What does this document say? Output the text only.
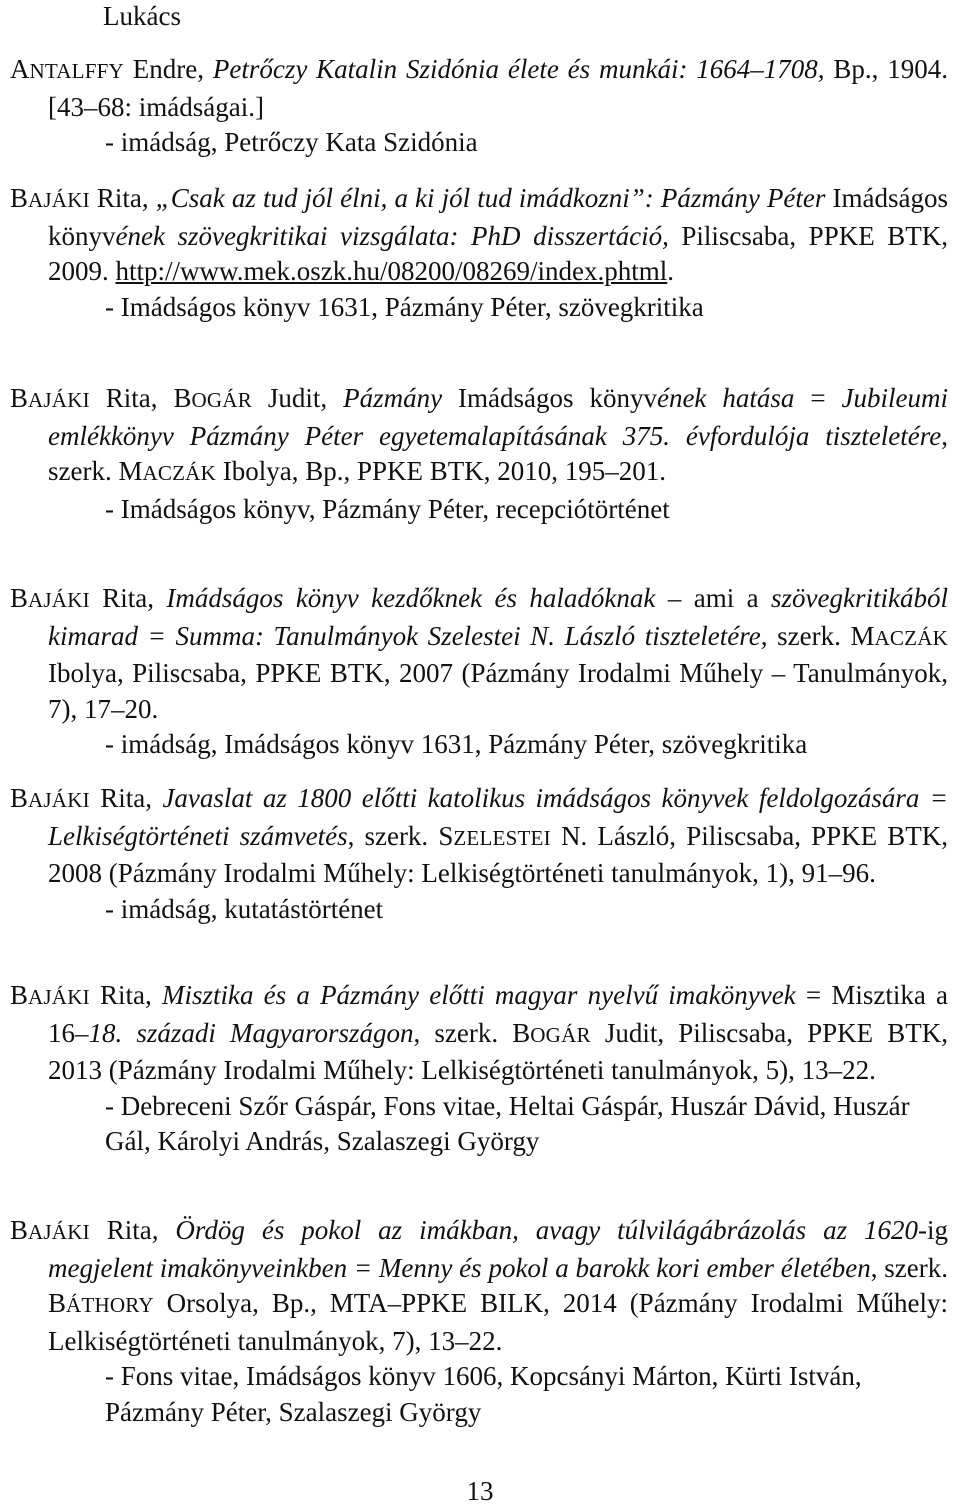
Lukács

ANTALFFY Endre, Petrőczy Katalin Szidónia élete és munkái: 1664–1708, Bp., 1904. [43–68: imádságai.]

- imádság, Petrőczy Kata Szidónia

BAJÁKI Rita, „Csak az tud jól élni, a ki jól tud imádkozni”: Pázmány Péter Imádságos könyvének szövegkritikai vizsgálata: PhD disszertáció, Piliscsaba, PPKE BTK, 2009. http://www.mek.oszk.hu/08200/08269/index.phtml.

- Imádságos könyv 1631, Pázmány Péter, szövegkritika

BAJÁKI Rita, BOGÁR Judit, Pázmány Imádságos könyvének hatása = Jubileumi emlékkönyv Pázmány Péter egyetemalapításának 375. évfordulója tiszteletére, szerk. MACZÁK Ibolya, Bp., PPKE BTK, 2010, 195–201.

- Imádságos könyv, Pázmány Péter, recepciótörténet

BAJÁKI Rita, Imádságos könyv kezdőknek és haladóknak – ami a szövegkritikából kimarad = Summa: Tanulmányok Szelestei N. László tiszteletére, szerk. MACZÁK Ibolya, Piliscsaba, PPKE BTK, 2007 (Pázmány Irodalmi Műhely – Tanulmányok, 7), 17–20.

- imádság, Imádságos könyv 1631, Pázmány Péter, szövegkritika

BAJÁKI Rita, Javaslat az 1800 előtti katolikus imádságos könyvek feldolgozására = Lelkiségtörténeti számvetés, szerk. SZELESTEI N. László, Piliscsaba, PPKE BTK, 2008 (Pázmány Irodalmi Műhely: Lelkiségtörténeti tanulmányok, 1), 91–96.

- imádság, kutatástörténet

BAJÁKI Rita, Misztika és a Pázmány előtti magyar nyelvű imakönyvek = Misztika a 16–18. századi Magyarországon, szerk. BOGÁR Judit, Piliscsaba, PPKE BTK, 2013 (Pázmány Irodalmi Műhely: Lelkiségtörténeti tanulmányok, 5), 13–22.

- Debreceni Szőr Gáspár, Fons vitae, Heltai Gáspár, Huszár Dávid, Huszár Gál, Károlyi András, Szalaszegi György

BAJÁKI Rita, Ördög és pokol az imákban, avagy túlvilágábrázolás az 1620-ig megjelent imakönyveinkben = Menny és pokol a barokk kori ember életében, szerk. BÁTHORY Orsolya, Bp., MTA–PPKE BILK, 2014 (Pázmány Irodalmi Műhely: Lelkiségtörténeti tanulmányok, 7), 13–22.

- Fons vitae, Imádságos könyv 1606, Kopcsányi Márton, Kürti István, Pázmány Péter, Szalaszegi György

13
